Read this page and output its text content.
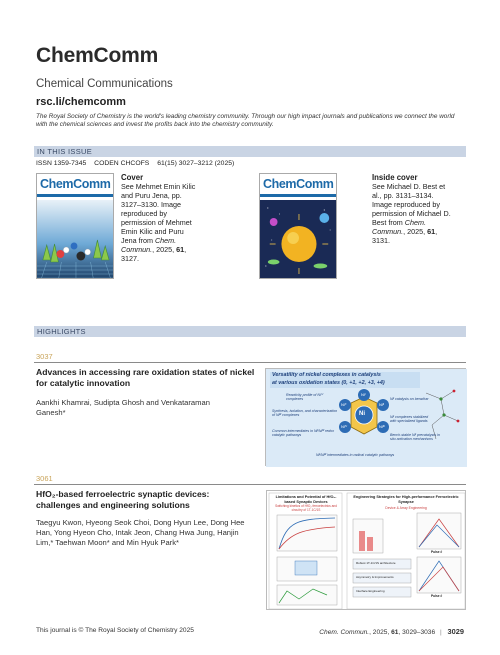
ChemComm
Chemical Communications
rsc.li/chemcomm
The Royal Society of Chemistry is the world's leading chemistry community. Through our high impact journals and publications we connect the world with the chemical sciences and invest the profits back into the chemistry community.
IN THIS ISSUE
ISSN 1359-7345 CODEN CHCOFS 61(15) 3027–3212 (2025)
ChemComm Cover
See Mehmet Emin Kilic and Puru Jena, pp. 3127–3130. Image reproduced by permission of Mehmet Emin Kilic and Puru Jena from Chem. Commun., 2025, 61, 3127.
ChemComm	Inside cover
See Michael D. Best et al., pp. 3131–3134. Image reproduced by permission of Michael D. Best from Chem. Commun., 2025, 61, 3131.
HIGHLIGHTS
3037
Advances in accessing rare oxidation states of nickel for catalytic innovation
Aankhi Khamrai, Sudipta Ghosh and Venkataraman Ganesh*
Versatility of nickel complexes in catalysis
at various oxidation states (0, +1, +2, +3, +4)
Ni
Ni⁰
Niᴵ
Niᴵᴵ
Niᴵᴵᴵ
Niᴵⱽ
Reactivity profile of Niᴵⱽ complexes	Niᴵ catalysis on benzilrar
Synthesis, isolation, and characterization of Niᴵᴵᴵ complexes	Niᴵ complexes stabilized with specialized ligands
Common intermediates in Niᴵ/Niᴵᴵᴵ redox catalytic pathways	Bench-stable Niᴵ precatalysts in situ activation mechanisms
Niᴵ/Niᴵᴵᴵ intermediates in radical catalytic pathways
3061
HfO₂-based ferroelectric synaptic devices: challenges and engineering solutions
Taegyu Kwon, Hyeong Seok Choi, Dong Hyun Lee, Dong Hee Han, Yong Hyeon Cho, Intak Jeon, Chang Hwa Jung, Hanjin Lim,* Taehwan Moon* and Min Hyuk Park*
Limitations and Potential of HfO₂-based Synaptic Devices
Switching kinetics of HfO₂ ferroelectrics and circuitry of 1T-1C/1S
Engineering Strategies for High-performance Ferroelectric Synapse
Device & Array Engineering
Pulse #
Pulse #
Robust 1T-1C/1S architecture
Asymmetry & Improvements
Interface Engineering
This journal is © The Royal Society of Chemistry 2025	Chem. Commun., 2025, 61, 3029–3036 | 3029
